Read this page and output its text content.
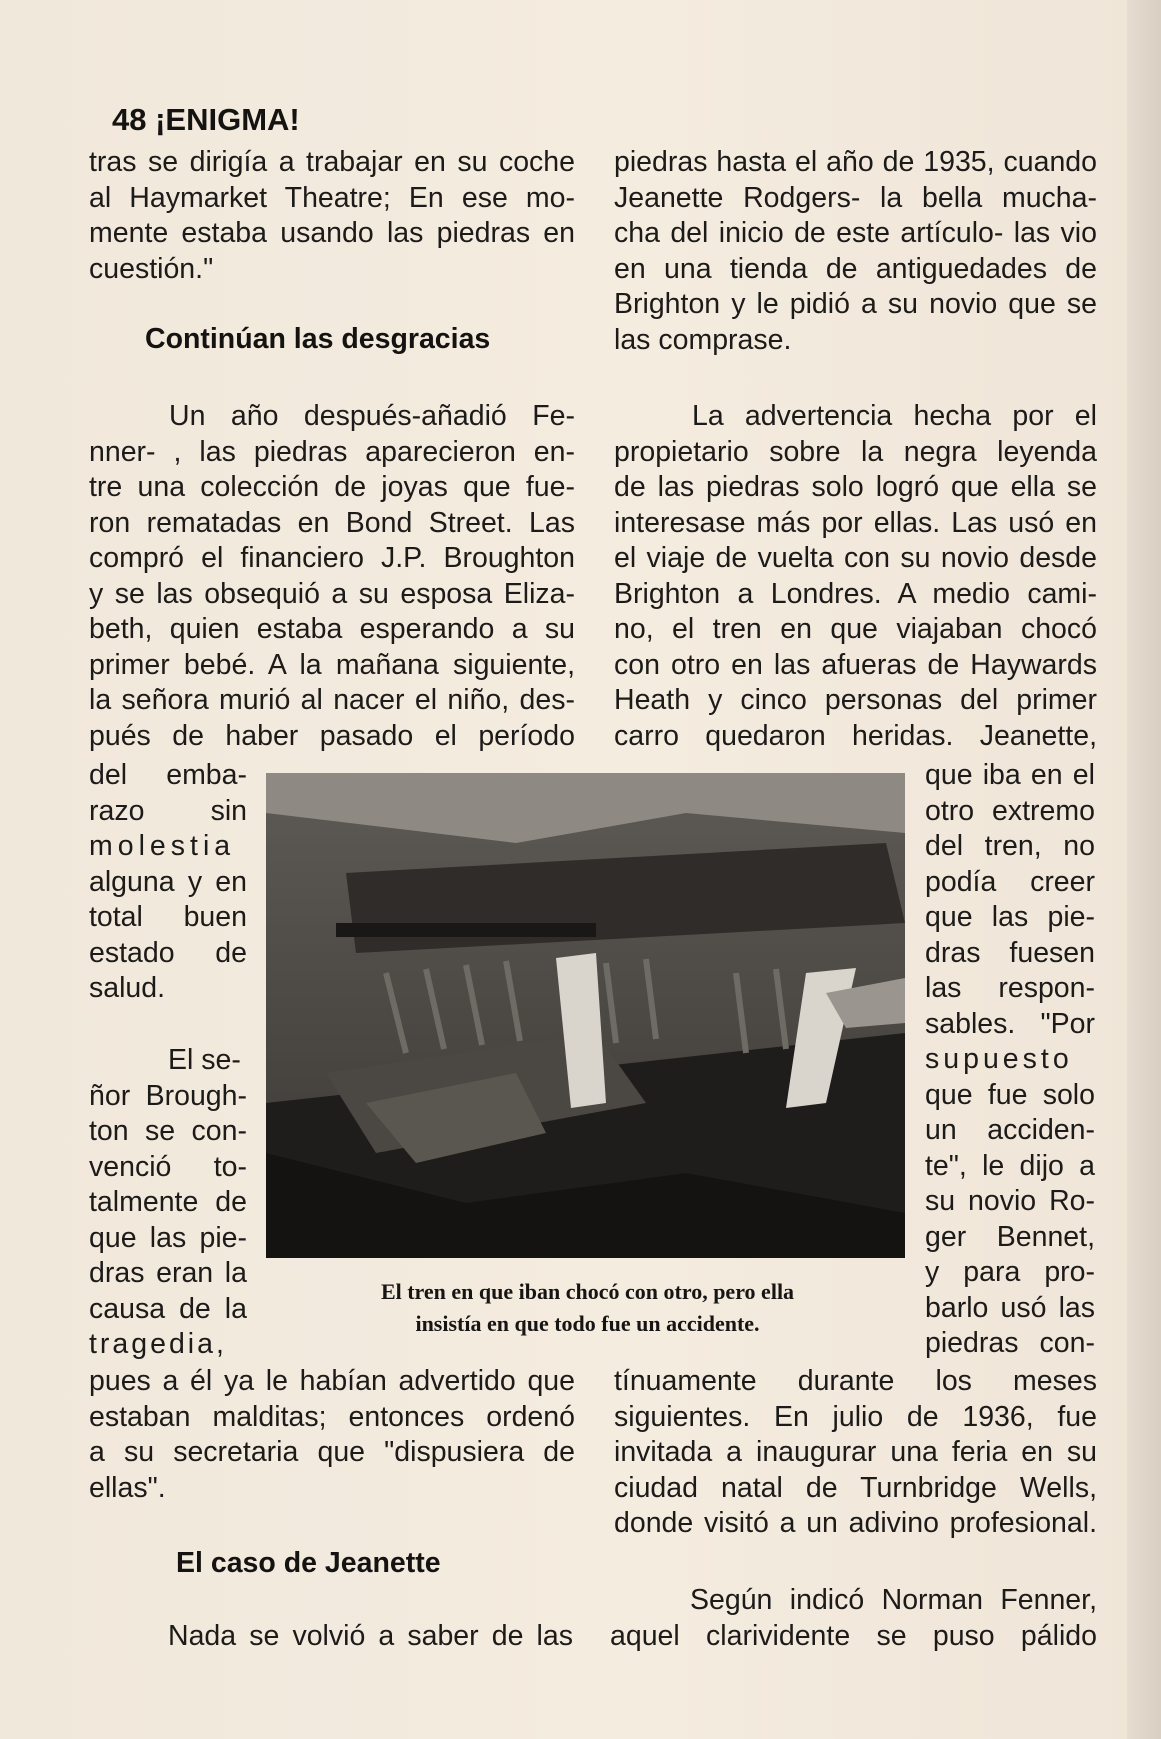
48 ¡ENIGMA!
tras se dirigía a trabajar en su coche
al Haymarket Theatre; En ese mo-
mente estaba usando las piedras en
cuestión."
Continúan las desgracias
Un año después-añadió Fe-
nner- , las piedras aparecieron en-
tre una colección de joyas que fue-
ron rematadas en Bond Street. Las
compró el financiero J.P. Broughton
y se las obsequió a su esposa Eliza-
beth, quien estaba esperando a su
primer bebé. A la mañana siguiente,
la señora murió al nacer el niño, des-
pués de haber pasado el período
del emba-
razo sin
molestia
alguna y en
total buen
estado de
salud.
El se-
ñor Brough-
ton se con-
venció to-
talmente de
que las pie-
dras eran la
causa de la
tragedia,
pues a él ya le habían advertido que
estaban malditas; entonces ordenó
a su secretaria que "dispusiera de
ellas".
El caso de Jeanette
Nada se volvió a saber de las
piedras hasta el año de 1935, cuando
Jeanette Rodgers- la bella mucha-
cha del inicio de este artículo- las vio
en una tienda de antiguedades de
Brighton y le pidió a su novio que se
las comprase.
La advertencia hecha por el
propietario sobre la negra leyenda
de las piedras solo logró que ella se
interesase más por ellas. Las usó en
el viaje de vuelta con su novio desde
Brighton a Londres. A medio cami-
no, el tren en que viajaban chocó
con otro en las afueras de Haywards
Heath y cinco personas del primer
carro quedaron heridas. Jeanette,
que iba en el
otro extremo
del tren, no
podía creer
que las pie-
dras fuesen
las respon-
sables. "Por
supuesto
que fue solo
un acciden-
te", le dijo a
su novio Ro-
ger Bennet,
y para pro-
barlo usó las
piedras con-
tínuamente durante los meses
siguientes. En julio de 1936, fue
invitada a inaugurar una feria en su
ciudad natal de Turnbridge Wells,
donde visitó a un adivino profesional.
Según indicó Norman Fenner,
aquel clarividente se puso pálido
El tren en que iban chocó con otro, pero ella
insistía en que todo fue un accidente.
